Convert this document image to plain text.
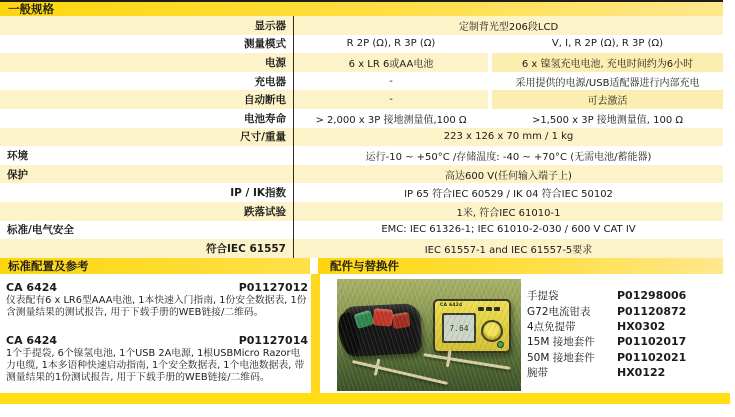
一般规格
显示器	定制背光型206段LCD
测量模式	R 2P (Ω), R 3P (Ω)	V, I, R 2P (Ω), R 3P (Ω)
电源	6 x LR 6或AA电池	6 x 镍氢充电电池, 充电时间约为6小时
充电器	-	采用提供的电源/USB适配器进行内部充电
自动断电	-	可去激活
电池寿命	> 2,000 x 3P 接地测量值,100 Ω	>1,500 x 3P 接地测量值, 100 Ω
尺寸/重量	223 x 126 x 70 mm / 1 kg
环境	运行-10 ~ +50°C /存储温度: -40 ~ +70°C (无需电池/蓄能器)
保护	高达600 V(任何输入端子上)
IP / IK指数	IP 65 符合IEC 60529 / IK 04 符合IEC 50102
跌落试验	1米, 符合IEC 61010-1
标准/电气安全	EMC: IEC 61326-1; IEC 61010-2-030 / 600 V CAT IV
符合IEC 61557	IEC 61557-1 and IEC 61557-5要求
标准配置及参考	配件与替换件
CA 6424	P01127012
仪表配有6 x LR6型AAA电池, 1本快速入门指南, 1份安全数据表, 1份含测量结果的测试报告, 用于下载手册的WEB链接/二维码。
CA 6424	P01127014
1个手提袋, 6个镍氢电池, 1个USB 2A电源, 1根USBMicro Razor电力电缆, 1本多语种快速启动指南, 1个安全数据表, 1个电池数据表, 带测量结果的1份测试报告, 用于下载手册的WEB链接/二维码。
CA 6424
7.64
手提袋	P01298006
G72电流钳表	P01120872
4点免提带	HX0302
15M 接地套件	P01102017
50M 接地套件	P01102021
腕带	HX0122
